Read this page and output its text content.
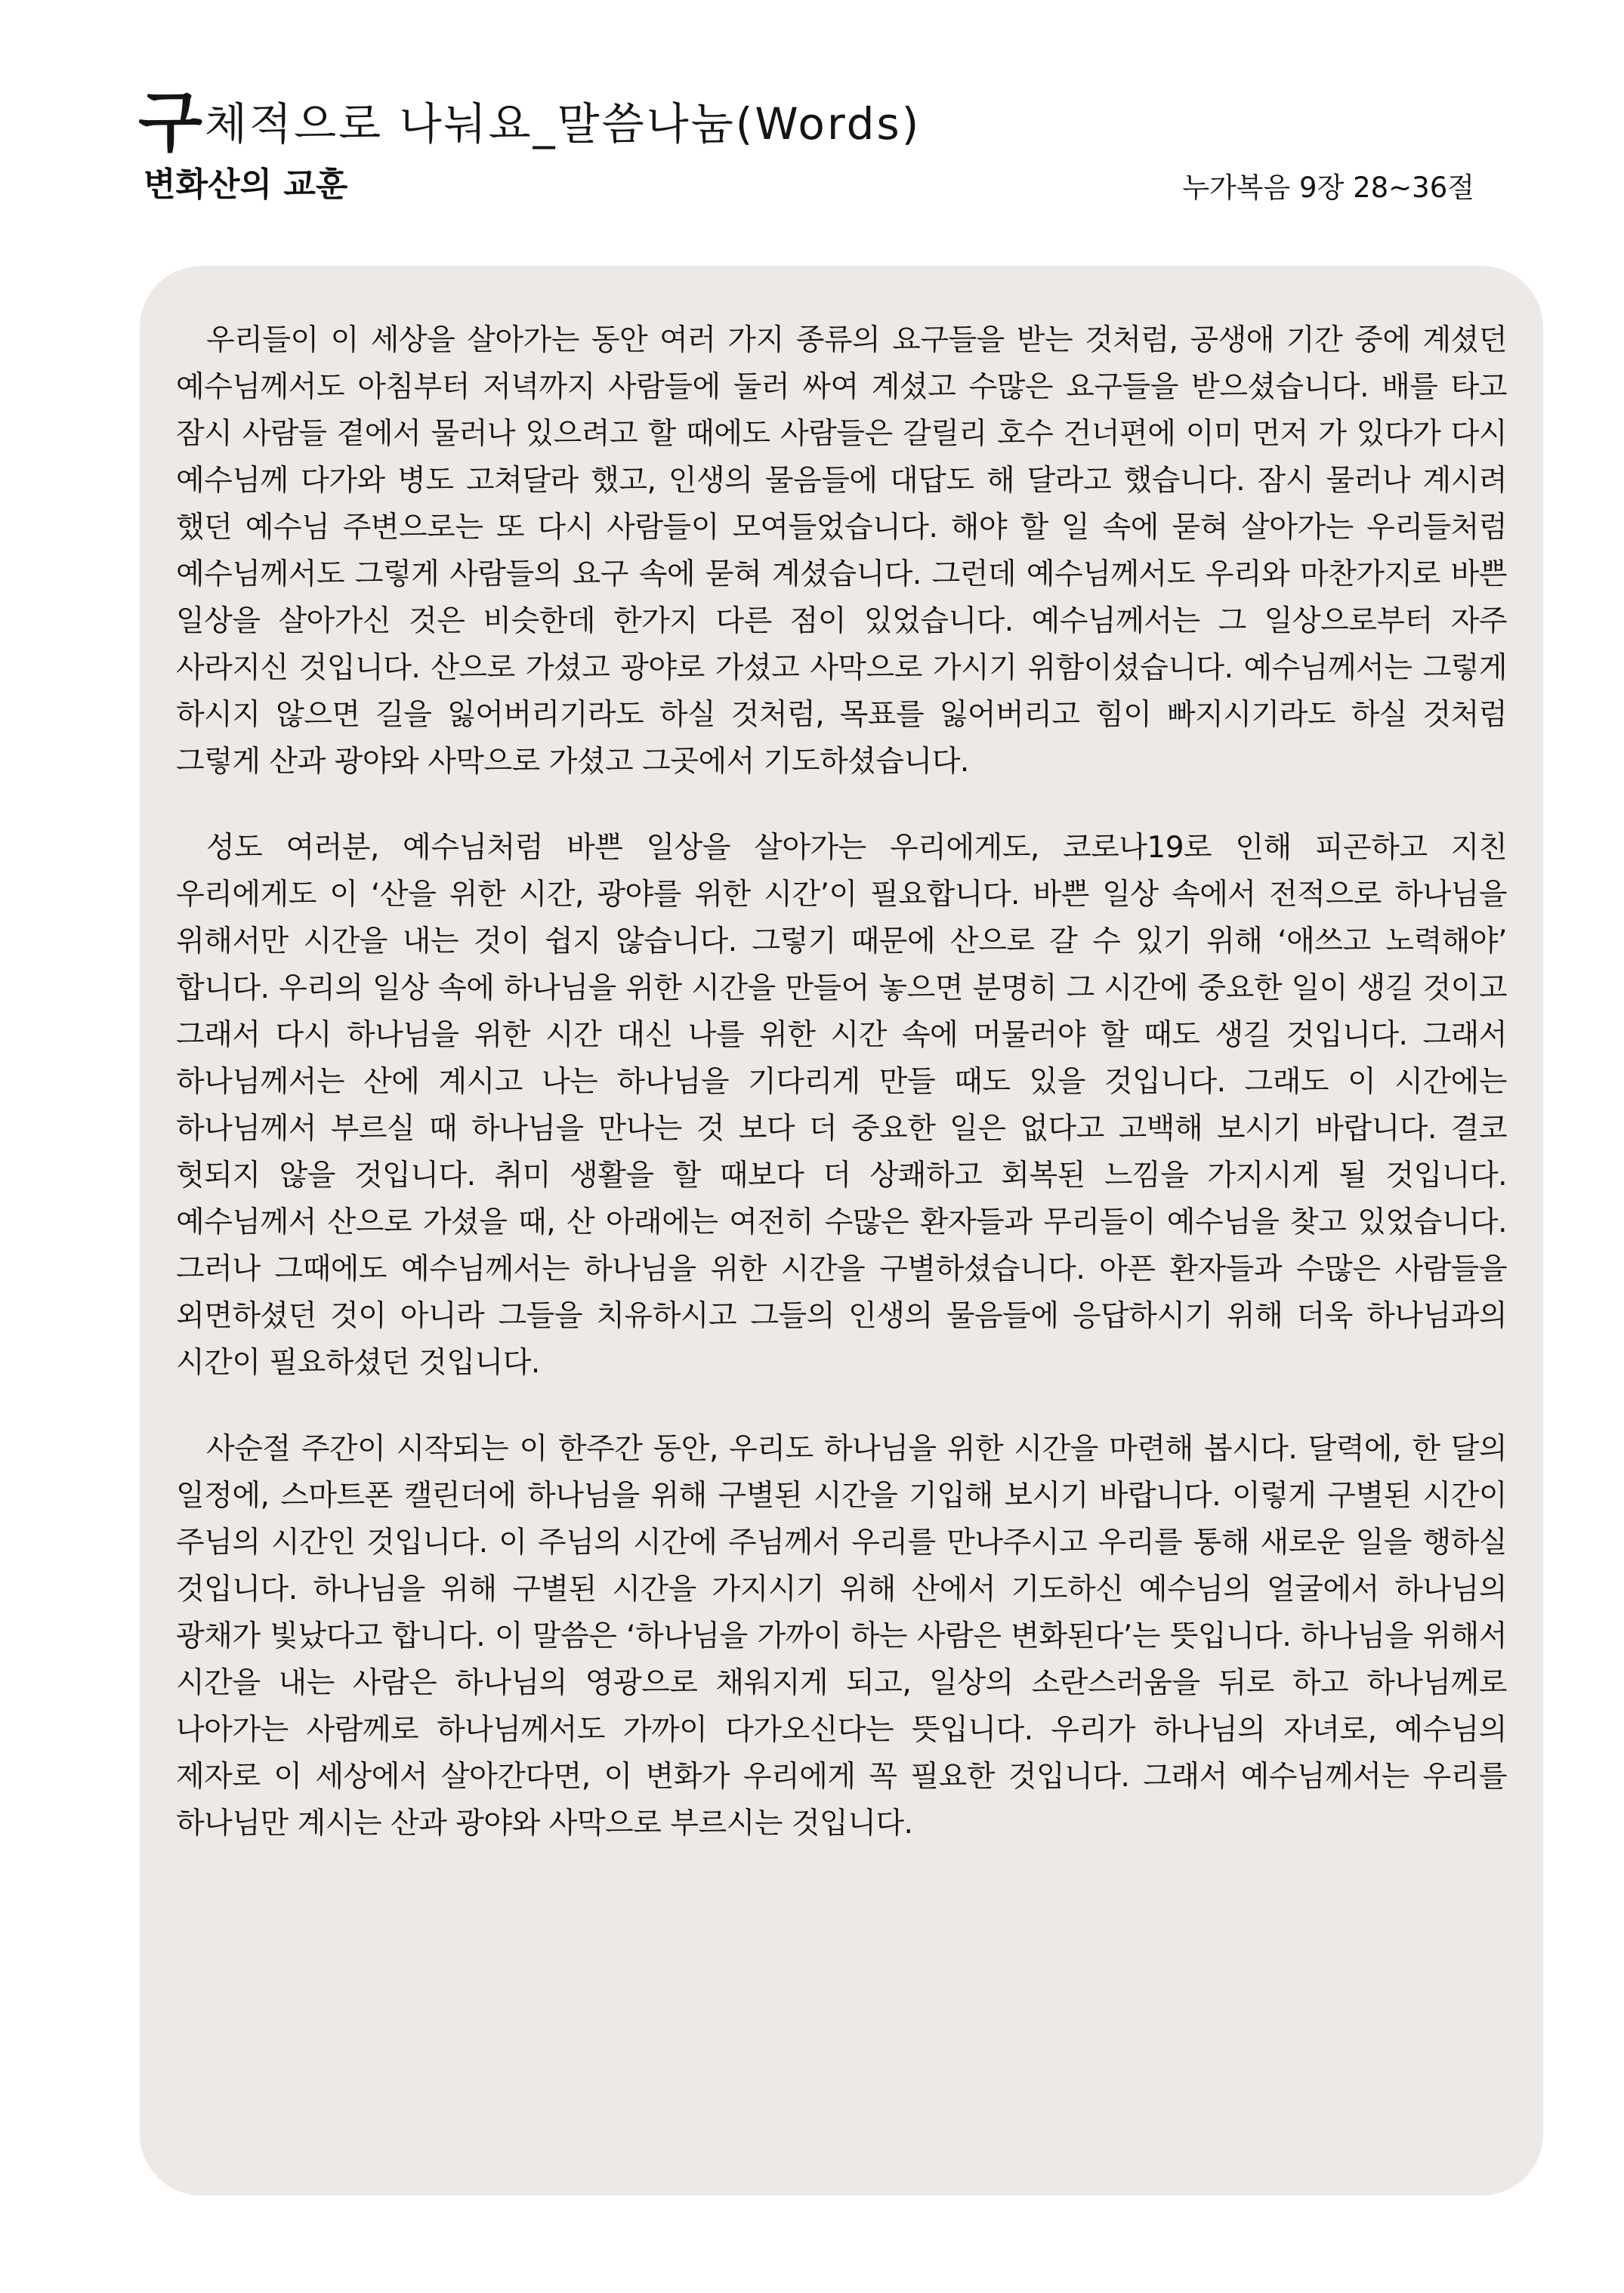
구체적으로 나눠요_말씀나눔(Words)
변화산의 교훈	누가복음 9장 28~36절

우리들이 이 세상을 살아가는 동안 여러 가지 종류의 요구들을 받는 것처럼, 공생애 기간 중에 계셨던 예수님께서도 아침부터 저녁까지 사람들에 둘러 싸여 계셨고 수많은 요구들을 받으셨습니다. 배를 타고 잠시 사람들 곁에서 물러나 있으려고 할 때에도 사람들은 갈릴리 호수 건너편에 이미 먼저 가 있다가 다시 예수님께 다가와 병도 고쳐달라 했고, 인생의 물음들에 대답도 해 달라고 했습니다. 잠시 물러나 계시려 했던 예수님 주변으로는 또 다시 사람들이 모여들었습니다. 해야 할 일 속에 묻혀 살아가는 우리들처럼 예수님께서도 그렇게 사람들의 요구 속에 묻혀 계셨습니다. 그런데 예수님께서도 우리와 마찬가지로 바쁜 일상을 살아가신 것은 비슷한데 한가지 다른 점이 있었습니다. 예수님께서는 그 일상으로부터 자주 사라지신 것입니다. 산으로 가셨고 광야로 가셨고 사막으로 가시기 위함이셨습니다. 예수님께서는 그렇게 하시지 않으면 길을 잃어버리기라도 하실 것처럼, 목표를 잃어버리고 힘이 빠지시기라도 하실 것처럼 그렇게 산과 광야와 사막으로 가셨고 그곳에서 기도하셨습니다.

성도 여러분, 예수님처럼 바쁜 일상을 살아가는 우리에게도, 코로나19로 인해 피곤하고 지친 우리에게도 이 ‘산을 위한 시간, 광야를 위한 시간’이 필요합니다. 바쁜 일상 속에서 전적으로 하나님을 위해서만 시간을 내는 것이 쉽지 않습니다. 그렇기 때문에 산으로 갈 수 있기 위해 ‘애쓰고 노력해야’ 합니다. 우리의 일상 속에 하나님을 위한 시간을 만들어 놓으면 분명히 그 시간에 중요한 일이 생길 것이고 그래서 다시 하나님을 위한 시간 대신 나를 위한 시간 속에 머물러야 할 때도 생길 것입니다. 그래서 하나님께서는 산에 계시고 나는 하나님을 기다리게 만들 때도 있을 것입니다. 그래도 이 시간에는 하나님께서 부르실 때 하나님을 만나는 것 보다 더 중요한 일은 없다고 고백해 보시기 바랍니다. 결코 헛되지 않을 것입니다. 취미 생활을 할 때보다 더 상쾌하고 회복된 느낌을 가지시게 될 것입니다. 예수님께서 산으로 가셨을 때, 산 아래에는 여전히 수많은 환자들과 무리들이 예수님을 찾고 있었습니다. 그러나 그때에도 예수님께서는 하나님을 위한 시간을 구별하셨습니다. 아픈 환자들과 수많은 사람들을 외면하셨던 것이 아니라 그들을 치유하시고 그들의 인생의 물음들에 응답하시기 위해 더욱 하나님과의 시간이 필요하셨던 것입니다.

사순절 주간이 시작되는 이 한주간 동안, 우리도 하나님을 위한 시간을 마련해 봅시다. 달력에, 한 달의 일정에, 스마트폰 캘린더에 하나님을 위해 구별된 시간을 기입해 보시기 바랍니다. 이렇게 구별된 시간이 주님의 시간인 것입니다. 이 주님의 시간에 주님께서 우리를 만나주시고 우리를 통해 새로운 일을 행하실 것입니다. 하나님을 위해 구별된 시간을 가지시기 위해 산에서 기도하신 예수님의 얼굴에서 하나님의 광채가 빛났다고 합니다. 이 말씀은 ‘하나님을 가까이 하는 사람은 변화된다’는 뜻입니다. 하나님을 위해서 시간을 내는 사람은 하나님의 영광으로 채워지게 되고, 일상의 소란스러움을 뒤로 하고 하나님께로 나아가는 사람께로 하나님께서도 가까이 다가오신다는 뜻입니다. 우리가 하나님의 자녀로, 예수님의 제자로 이 세상에서 살아간다면, 이 변화가 우리에게 꼭 필요한 것입니다. 그래서 예수님께서는 우리를 하나님만 계시는 산과 광야와 사막으로 부르시는 것입니다.
